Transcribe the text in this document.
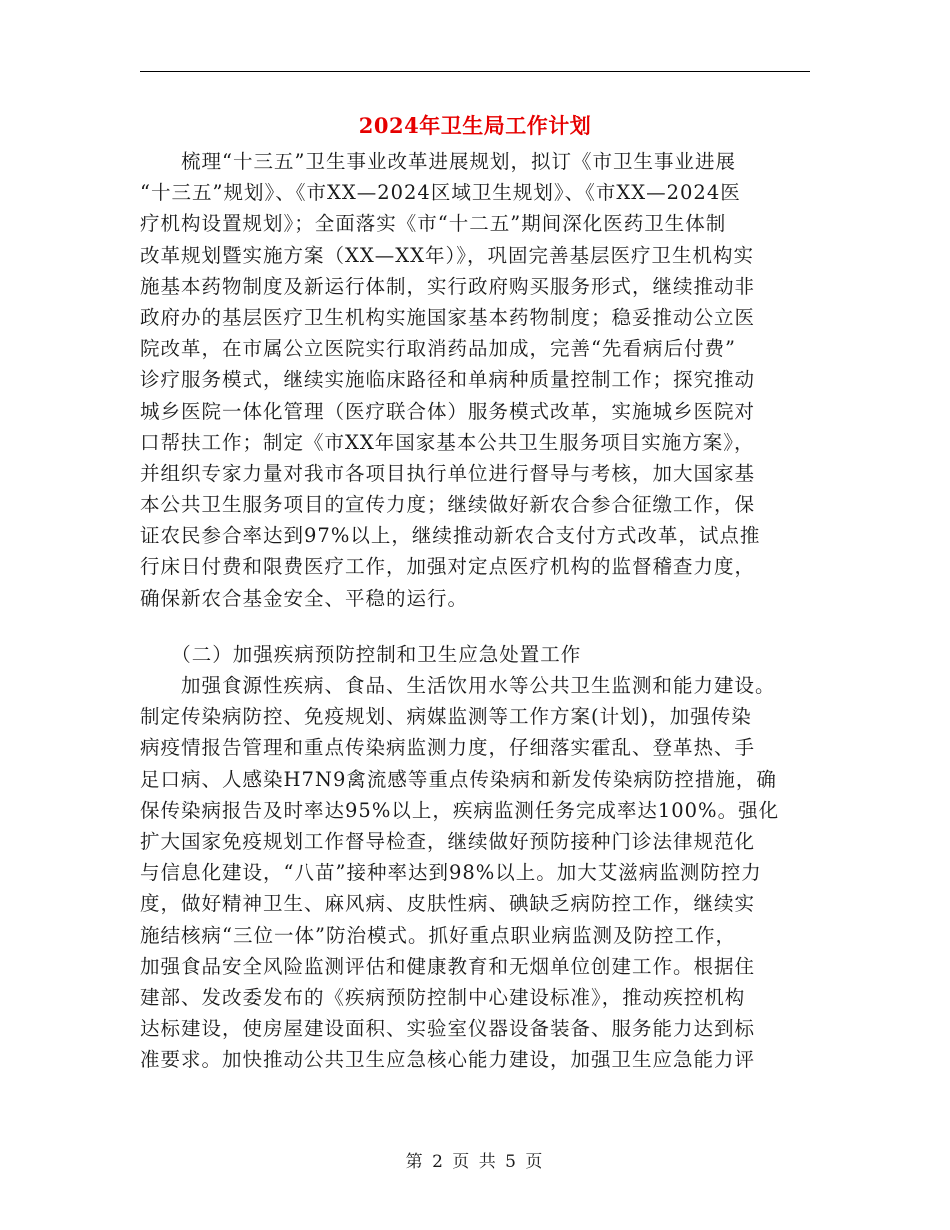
2024年卫生局工作计划
　　梳理“十三五”卫生事业改革进展规划，拟订《市卫生事业进展
“十三五”规划》、《市XX—2024区域卫生规划》、《市XX—2024医
疗机构设置规划》；全面落实《市“十二五”期间深化医药卫生体制
改革规划暨实施方案（XX—XX年）》，巩固完善基层医疗卫生机构实
施基本药物制度及新运行体制，实行政府购买服务形式，继续推动非
政府办的基层医疗卫生机构实施国家基本药物制度；稳妥推动公立医
院改革，在市属公立医院实行取消药品加成，完善“先看病后付费”
诊疗服务模式，继续实施临床路径和单病种质量控制工作；探究推动
城乡医院一体化管理（医疗联合体）服务模式改革，实施城乡医院对
口帮扶工作；制定《市XX年国家基本公共卫生服务项目实施方案》，
并组织专家力量对我市各项目执行单位进行督导与考核，加大国家基
本公共卫生服务项目的宣传力度；继续做好新农合参合征缴工作，保
证农民参合率达到97%以上，继续推动新农合支付方式改革，试点推
行床日付费和限费医疗工作，加强对定点医疗机构的监督稽查力度，
确保新农合基金安全、平稳的运行。
　　（二）加强疾病预防控制和卫生应急处置工作
　　加强食源性疾病、食品、生活饮用水等公共卫生监测和能力建设。
制定传染病防控、免疫规划、病媒监测等工作方案(计划)，加强传染
病疫情报告管理和重点传染病监测力度，仔细落实霍乱、登革热、手
足口病、人感染H7N9禽流感等重点传染病和新发传染病防控措施，确
保传染病报告及时率达95%以上，疾病监测任务完成率达100%。强化
扩大国家免疫规划工作督导检查，继续做好预防接种门诊法律规范化
与信息化建设，“八苗”接种率达到98%以上。加大艾滋病监测防控力
度，做好精神卫生、麻风病、皮肤性病、碘缺乏病防控工作，继续实
施结核病“三位一体”防治模式。抓好重点职业病监测及防控工作，
加强食品安全风险监测评估和健康教育和无烟单位创建工作。根据住
建部、发改委发布的《疾病预防控制中心建设标准》，推动疾控机构
达标建设，使房屋建设面积、实验室仪器设备装备、服务能力达到标
准要求。加快推动公共卫生应急核心能力建设，加强卫生应急能力评
第 2 页 共 5 页
